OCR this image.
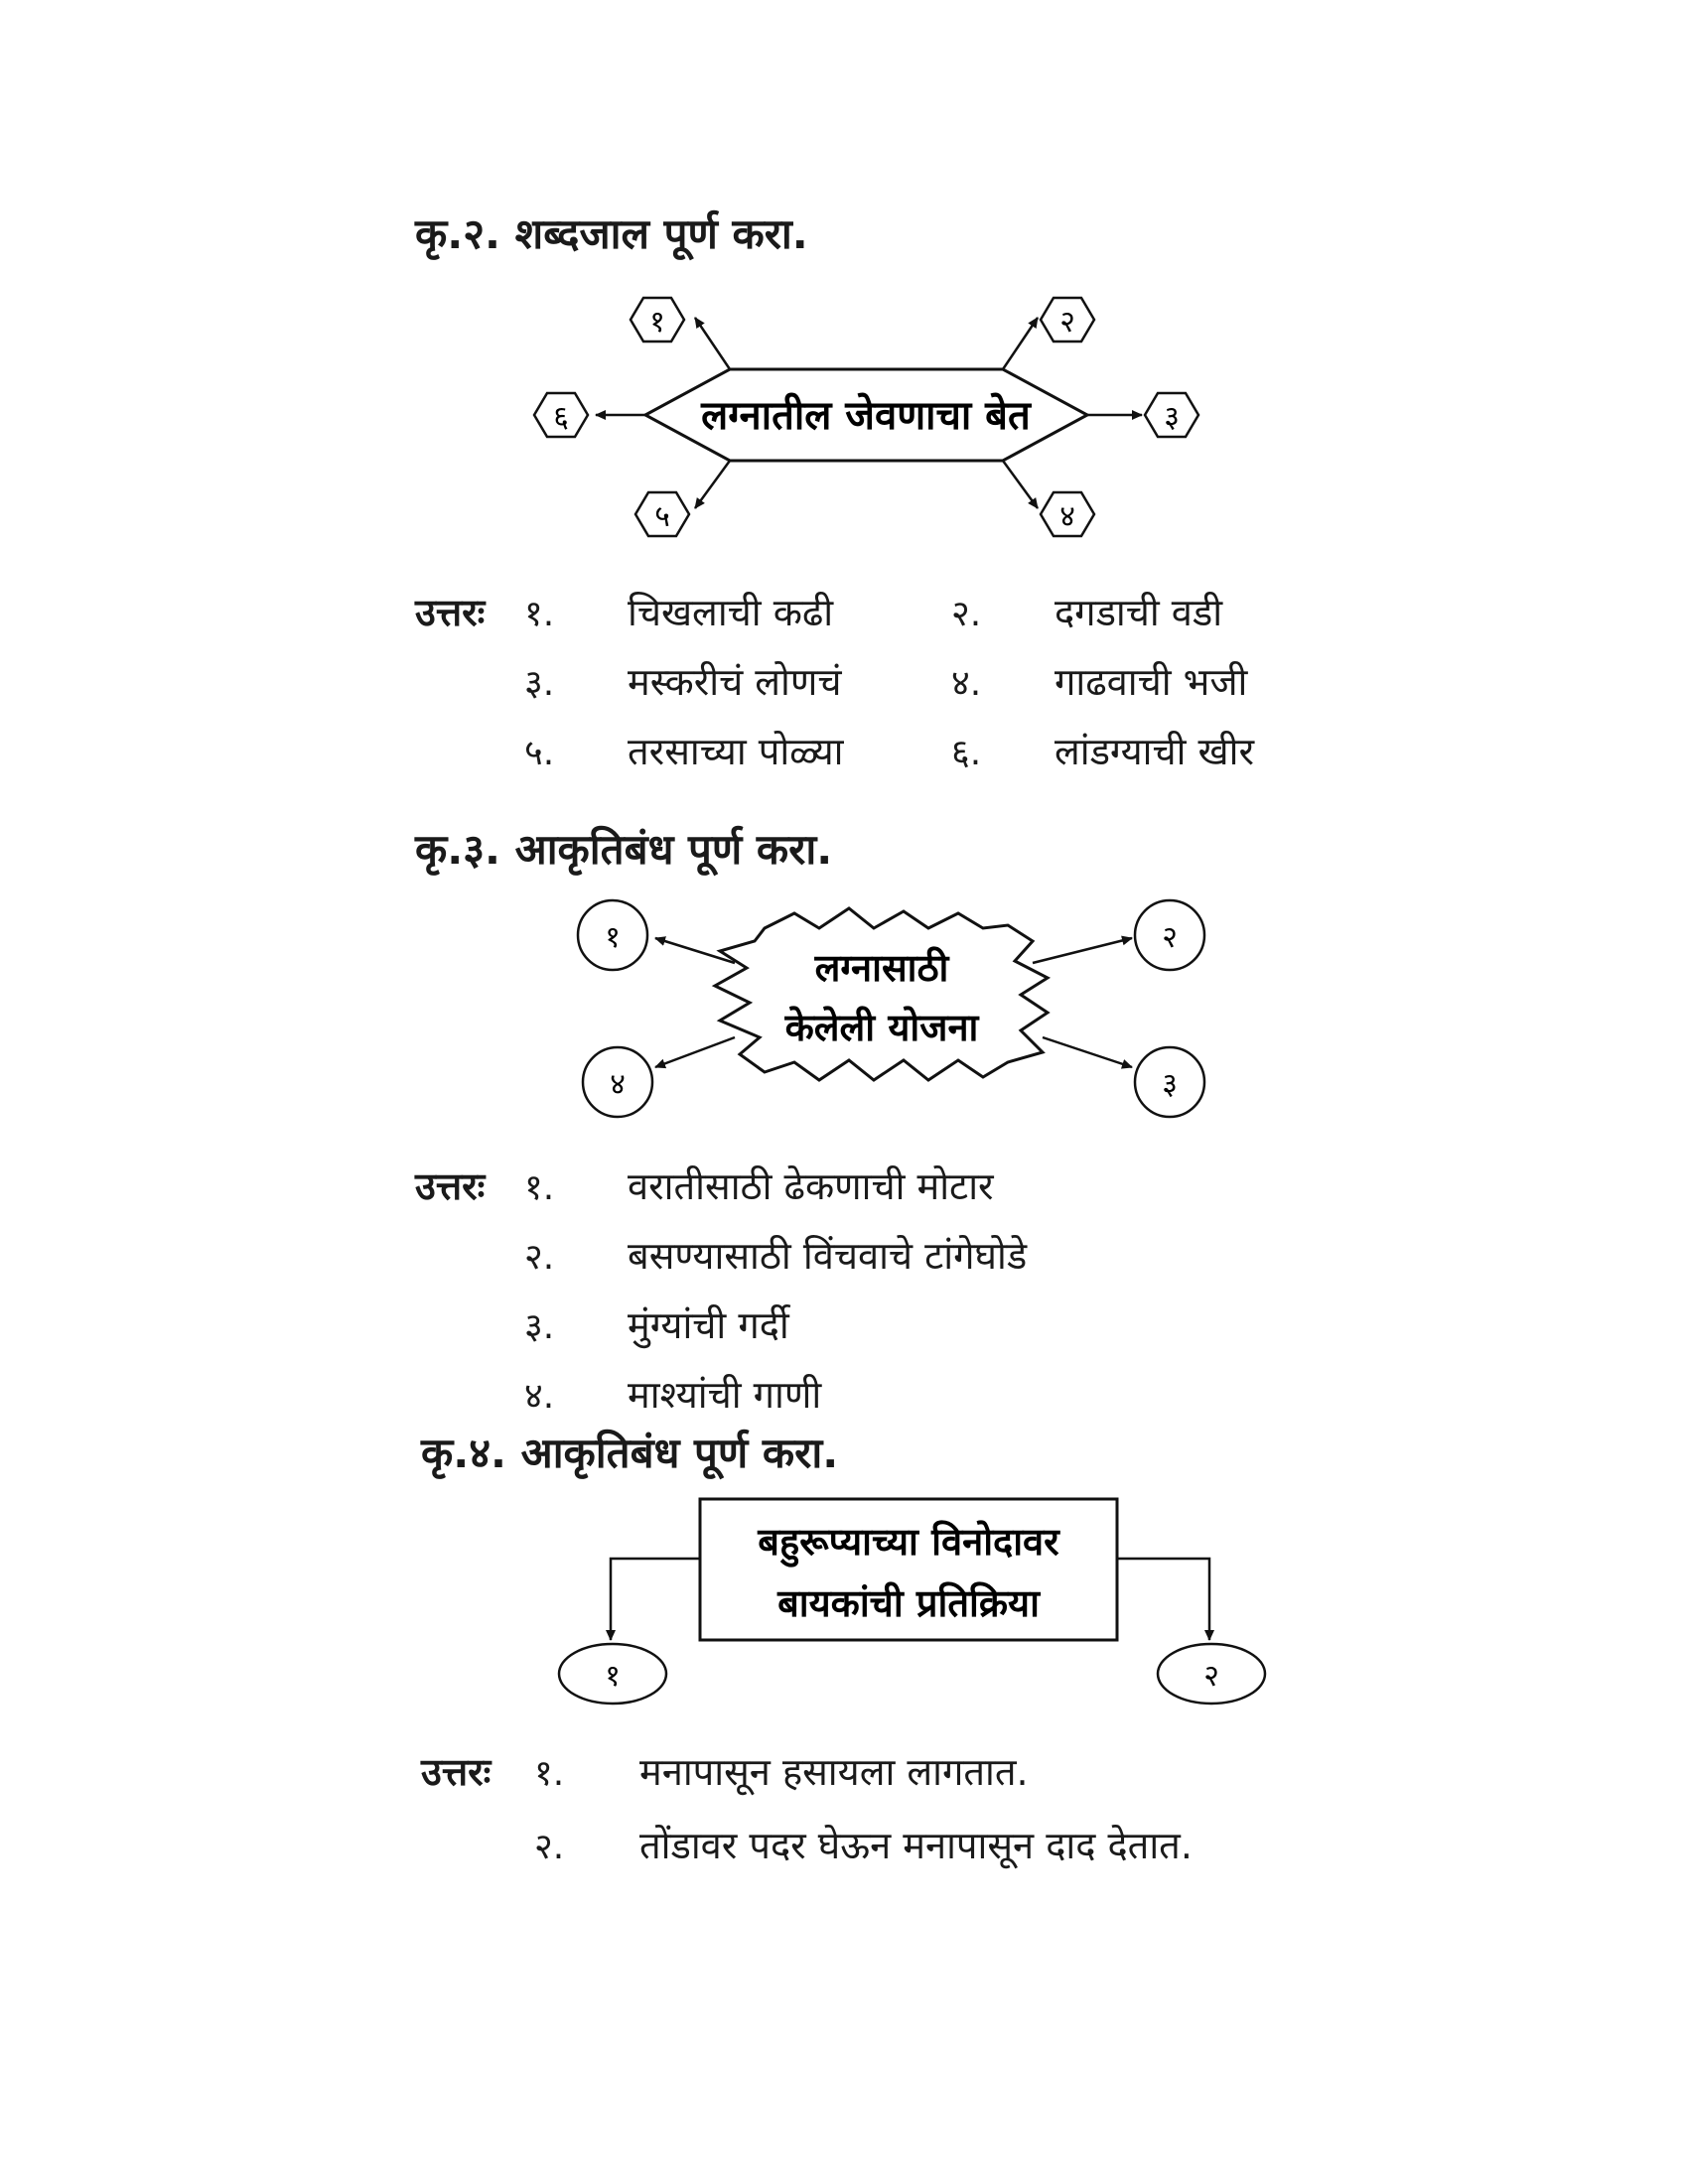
कृ.२. शब्दजाल पूर्ण करा.
लग्नातील जेवणाचा बेत
१	२
३
४
५
६
उत्तरः १. चिखलाची कढी	२. दगडाची वडी
३. मस्करीचं लोणचं	४. गाढवाची भजी
५. तरसाच्या पोळ्या	६. लांडग्याची खीर
कृ.३. आकृतिबंध पूर्ण करा.
लग्नासाठी
केलेली योजना
१	२
३
४
उत्तरः १. वरातीसाठी ढेकणाची मोटार
२. बसण्यासाठी विंचवाचे टांगेघोडे
३. मुंग्यांची गर्दी
४. माश्यांची गाणी
कृ.४. आकृतिबंध पूर्ण करा.
बहुरूप्याच्या विनोदावर
बायकांची प्रतिक्रिया
१	२
उत्तरः १. मनापासून हसायला लागतात.
२. तोंडावर पदर घेऊन मनापासून दाद देतात.
